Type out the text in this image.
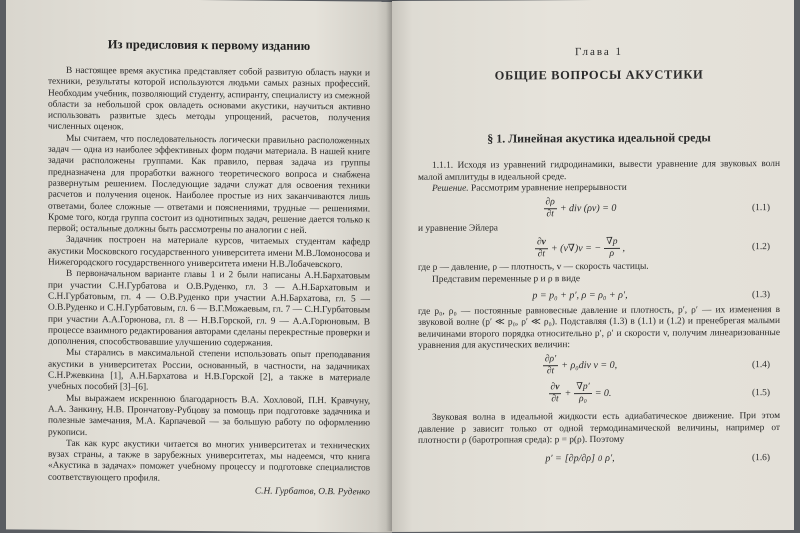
Из предисловия к первому изданию

В настоящее время акустика представляет собой развитую область науки и техники, результаты которой используются людьми самых разных профессий. Необходим учебник, позволяющий студенту, аспиранту, специалисту из смежной области за небольшой срок овладеть основами акустики, научиться активно использовать развитые здесь методы упрощений, расчетов, получения численных оценок.

Мы считаем, что последовательность логически правильно расположенных задач — одна из наиболее эффективных форм подачи материала. В нашей книге задачи расположены группами. Как правило, первая задача из группы предназначена для проработки важного теоретического вопроса и снабжена развернутым решением. Последующие задачи служат для освоения техники расчетов и получения оценок. Наиболее простые из них заканчиваются лишь ответами, более сложные — ответами и пояснениями, трудные — решениями. Кроме того, когда группа состоит из однотипных задач, решение дается только к первой; остальные должны быть рассмотрены по аналогии с ней.

Задачник построен на материале курсов, читаемых студентам кафедр акустики Московского государственного университета имени М.В.Ломоносова и Нижегородского государственного университета имени Н.В.Лобачевского.

В первоначальном варианте главы 1 и 2 были написаны А.Н.Бархатовым при участии С.Н.Гурбатова и О.В.Руденко, гл. 3 — А.Н.Бархатовым и С.Н.Гурбатовым, гл. 4 — О.В.Руденко при участии А.Н.Бархатова, гл. 5 — О.В.Руденко и С.Н.Гурбатовым, гл. 6 — В.Г.Можаевым, гл. 7 — С.Н.Гурбатовым при участии А.А.Горюнова, гл. 8 — Н.В.Горской, гл. 9 — А.А.Горюновым. В процессе взаимного редактирования авторами сделаны перекрестные проверки и дополнения, способствовавшие улучшению содержания.

Мы старались в максимальной степени использовать опыт преподавания акустики в университетах России, основанный, в частности, на задачниках С.Н.Ржевкина [1], А.Н.Бархатова и Н.В.Горской [2], а также в материале учебных пособий [3]–[6].

Мы выражаем искреннюю благодарность В.А. Хохловой, П.Н. Кравчуну, А.А. Занкину, Н.В. Прончатову-Рубцову за помощь при подготовке задачника и полезные замечания, М.А. Карпачевой — за большую работу по оформлению рукописи.

Так как курс акустики читается во многих университетах и технических вузах страны, а также в зарубежных университетах, мы надеемся, что книга «Акустика в задачах» поможет учебному процессу и подготовке специалистов соответствующего профиля.

С.Н. Гурбатов, О.В. Руденко
Глава 1
ОБЩИЕ ВОПРОСЫ АКУСТИКИ
§ 1. Линейная акустика идеальной среды

1.1.1. Исходя из уравнений гидродинамики, вывести уравнение для звуковых волн малой амплитуды в идеальной среде.

Решение. Рассмотрим уравнение непрерывности

$\frac{\partial\rho}{\partial t}$ + div (ρv) = 0	(1.1)

и уравнение Эйлера

$\frac{\partial v}{\partial t} + (v\nabla)v$ = − $\frac{\nabla p}{\rho}$ ,	(1.2)

где p — давление, ρ — плотность, v — скорость частицы.

Представим переменные p и ρ в виде

p = p₀ + p′, ρ = ρ₀ + ρ′,	(1.3)

где p₀, ρ₀ — постоянные равновесные давление и плотность, p′, ρ′ — их изменения в звуковой волне (p′ ≪ p₀, ρ′ ≪ ρ₀). Подставляя (1.3) в (1.1) и (1.2) и пренебрегая малыми величинами второго порядка относительно p′, ρ′ и скорости v, получим линеаризованные уравнения для акустических величин:

$\frac{\partial\rho'}{\partial t} + \rho_0div$ v = 0,	(1.4)
$\frac{\partial v}{\partial t} + \frac{\nabla p'}{\text{ρ₀}} = 0$.	(1.5)

Звуковая волна в идеальной жидкости есть адиабатическое движение. При этом давление p зависит только от одной термодинамической величины, например от плотности ρ (баротропная среда): p = p(ρ). Поэтому

p′ = [∂p/∂ρ] 0 ρ′,	(1.6)
